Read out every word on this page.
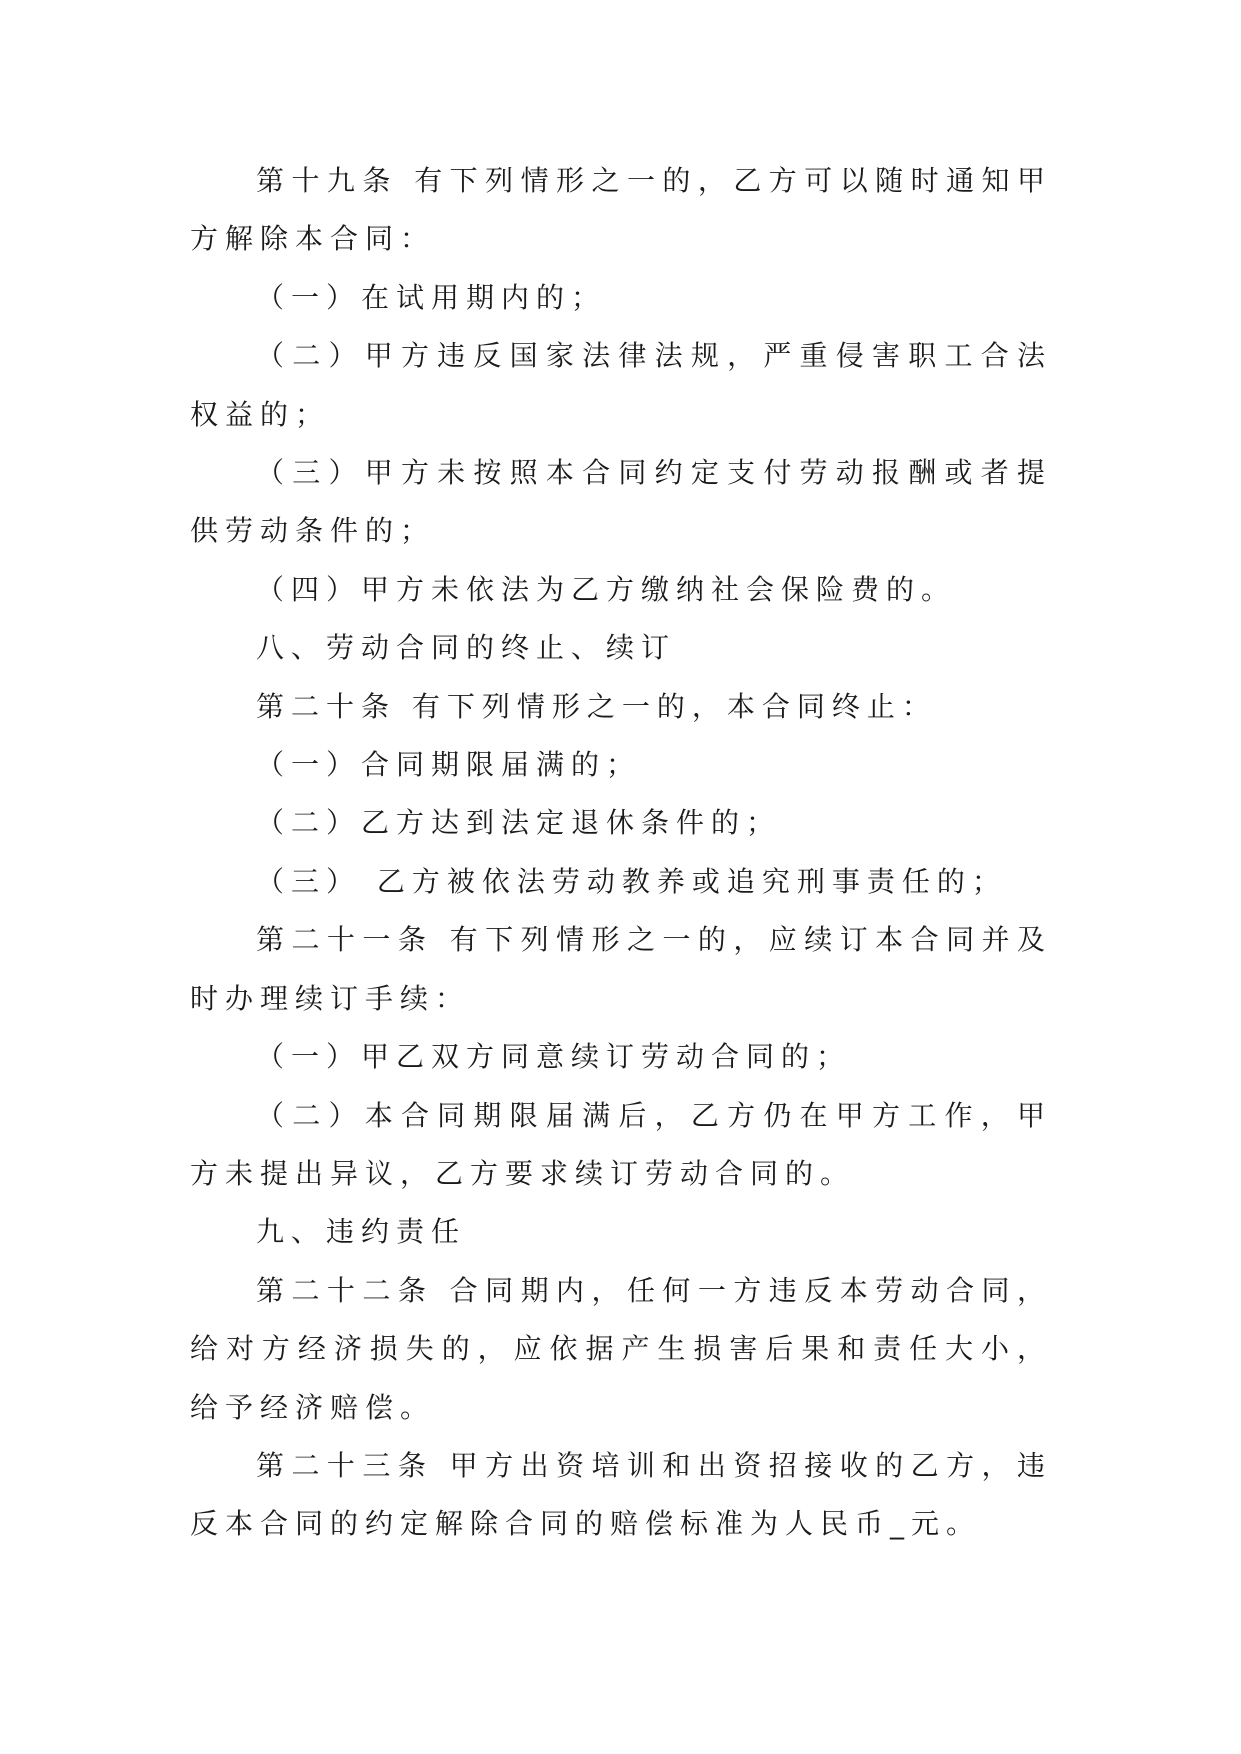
第十九条 有下列情形之一的，乙方可以随时通知甲方解除本合同：

（一）在试用期内的；

（二）甲方违反国家法律法规，严重侵害职工合法权益的；

（三）甲方未按照本合同约定支付劳动报酬或者提供劳动条件的；

（四）甲方未依法为乙方缴纳社会保险费的。

八、劳动合同的终止、续订

第二十条 有下列情形之一的，本合同终止：

（一）合同期限届满的；

（二）乙方达到法定退休条件的；

（三） 乙方被依法劳动教养或追究刑事责任的；

第二十一条 有下列情形之一的，应续订本合同并及时办理续订手续：

（一）甲乙双方同意续订劳动合同的；

（二）本合同期限届满后，乙方仍在甲方工作，甲方未提出异议，乙方要求续订劳动合同的。

九、违约责任

第二十二条 合同期内，任何一方违反本劳动合同，给对方经济损失的，应依据产生损害后果和责任大小，给予经济赔偿。

第二十三条 甲方出资培训和出资招接收的乙方，违反本合同的约定解除合同的赔偿标准为人民币_元。
